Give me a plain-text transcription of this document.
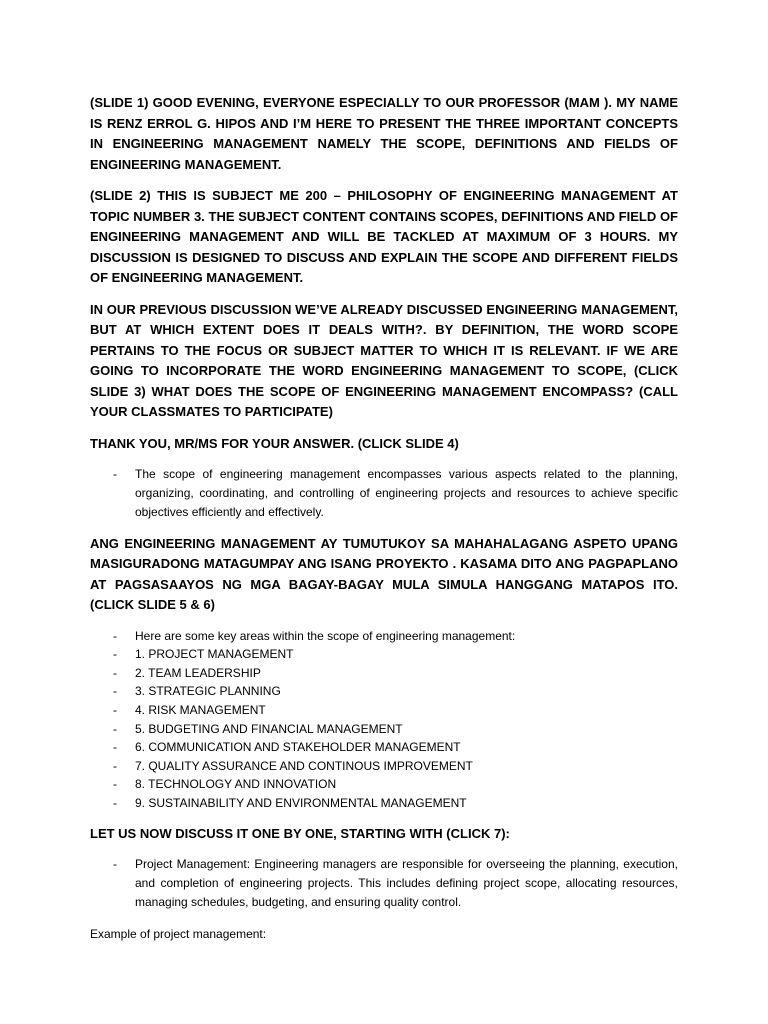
(SLIDE 1) GOOD EVENING, EVERYONE ESPECIALLY TO OUR PROFESSOR (MAM ). MY NAME IS RENZ ERROL G. HIPOS AND I’M HERE TO PRESENT THE THREE IMPORTANT CONCEPTS IN ENGINEERING MANAGEMENT NAMELY THE SCOPE, DEFINITIONS AND FIELDS OF ENGINEERING MANAGEMENT.

(SLIDE 2) THIS IS SUBJECT ME 200 – PHILOSOPHY OF ENGINEERING MANAGEMENT AT TOPIC NUMBER 3. THE SUBJECT CONTENT CONTAINS SCOPES, DEFINITIONS AND FIELD OF ENGINEERING MANAGEMENT AND WILL BE TACKLED AT MAXIMUM OF 3 HOURS. MY DISCUSSION IS DESIGNED TO DISCUSS AND EXPLAIN THE SCOPE AND DIFFERENT FIELDS OF ENGINEERING MANAGEMENT.

IN OUR PREVIOUS DISCUSSION WE’VE ALREADY DISCUSSED ENGINEERING MANAGEMENT, BUT AT WHICH EXTENT DOES IT DEALS WITH?. BY DEFINITION, THE WORD SCOPE PERTAINS TO THE FOCUS OR SUBJECT MATTER TO WHICH IT IS RELEVANT. IF WE ARE GOING TO INCORPORATE THE WORD ENGINEERING MANAGEMENT TO SCOPE, (CLICK SLIDE 3) WHAT DOES THE SCOPE OF ENGINEERING MANAGEMENT ENCOMPASS? (CALL YOUR CLASSMATES TO PARTICIPATE)

THANK YOU, MR/MS FOR YOUR ANSWER. (CLICK SLIDE 4)

- The scope of engineering management encompasses various aspects related to the planning, organizing, coordinating, and controlling of engineering projects and resources to achieve specific objectives efficiently and effectively.

ANG ENGINEERING MANAGEMENT AY TUMUTUKOY SA MAHAHALAGANG ASPETO UPANG MASIGURADONG MATAGUMPAY ANG ISANG PROYEKTO . KASAMA DITO ANG PAGPAPLANO AT PAGSASAAYOS NG MGA BAGAY-BAGAY MULA SIMULA HANGGANG MATAPOS ITO. (CLICK SLIDE 5 & 6)

- Here are some key areas within the scope of engineering management:
- 1. PROJECT MANAGEMENT
- 2. TEAM LEADERSHIP
- 3. STRATEGIC PLANNING
- 4. RISK MANAGEMENT
- 5. BUDGETING AND FINANCIAL MANAGEMENT
- 6. COMMUNICATION AND STAKEHOLDER MANAGEMENT
- 7. QUALITY ASSURANCE AND CONTINOUS IMPROVEMENT
- 8. TECHNOLOGY AND INNOVATION
- 9. SUSTAINABILITY AND ENVIRONMENTAL MANAGEMENT

LET US NOW DISCUSS IT ONE BY ONE, STARTING WITH (CLICK 7):

- Project Management: Engineering managers are responsible for overseeing the planning, execution, and completion of engineering projects. This includes defining project scope, allocating resources, managing schedules, budgeting, and ensuring quality control.

Example of project management:
